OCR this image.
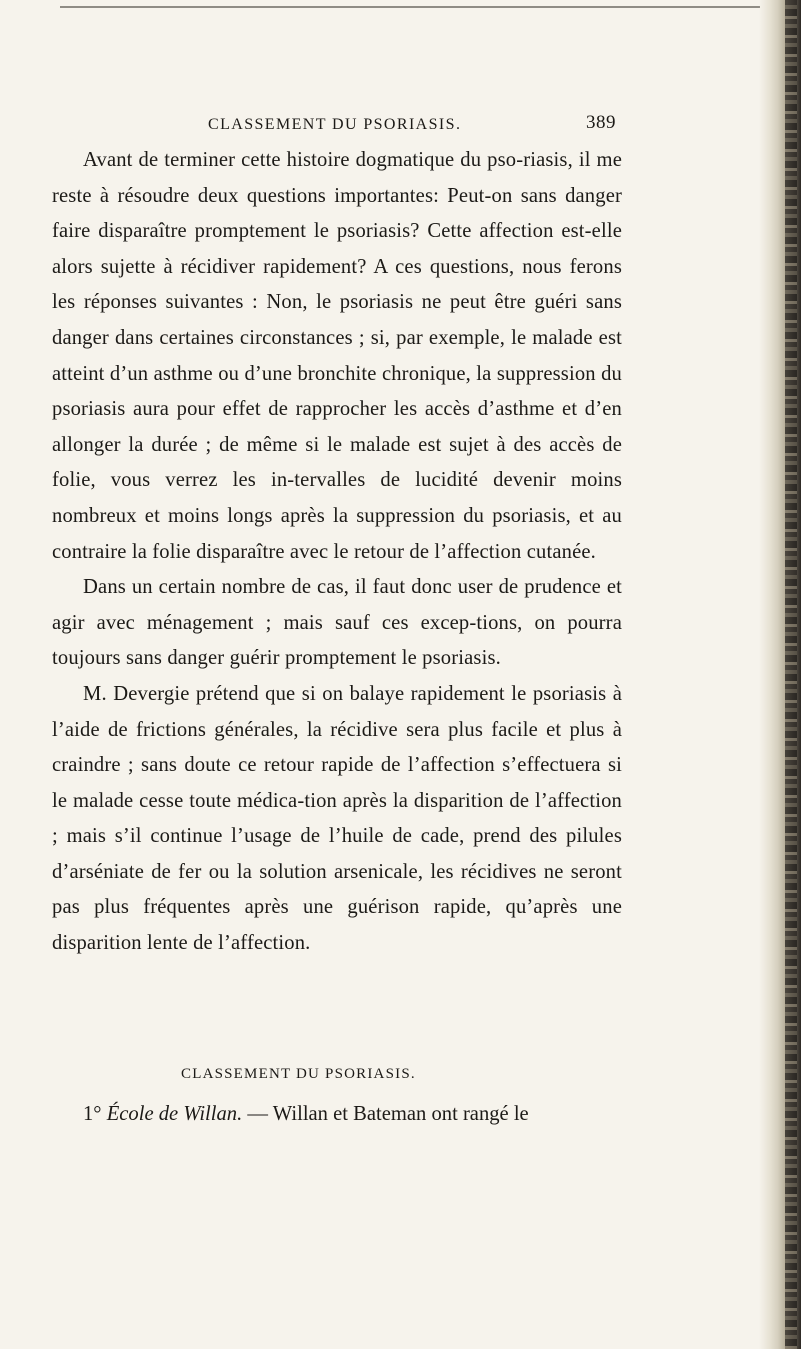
CLASSEMENT DU PSORIASIS.	389

Avant de terminer cette histoire dogmatique du pso-riasis, il me reste à résoudre deux questions importantes: Peut-on sans danger faire disparaître promptement le psoriasis? Cette affection est-elle alors sujette à récidiver rapidement? A ces questions, nous ferons les réponses suivantes : Non, le psoriasis ne peut être guéri sans danger dans certaines circonstances ; si, par exemple, le malade est atteint d’un asthme ou d’une bronchite chronique, la suppression du psoriasis aura pour effet de rapprocher les accès d’asthme et d’en allonger la durée ; de même si le malade est sujet à des accès de folie, vous verrez les in-tervalles de lucidité devenir moins nombreux et moins longs après la suppression du psoriasis, et au contraire la folie disparaître avec le retour de l’affection cutanée.

Dans un certain nombre de cas, il faut donc user de prudence et agir avec ménagement ; mais sauf ces excep-tions, on pourra toujours sans danger guérir promptement le psoriasis.

M. Devergie prétend que si on balaye rapidement le psoriasis à l’aide de frictions générales, la récidive sera plus facile et plus à craindre ; sans doute ce retour rapide de l’affection s’effectuera si le malade cesse toute médica-tion après la disparition de l’affection ; mais s’il continue l’usage de l’huile de cade, prend des pilules d’arséniate de fer ou la solution arsenicale, les récidives ne seront pas plus fréquentes après une guérison rapide, qu’après une disparition lente de l’affection.

CLASSEMENT DU PSORIASIS.
1° École de Willan. — Willan et Bateman ont rangé le
